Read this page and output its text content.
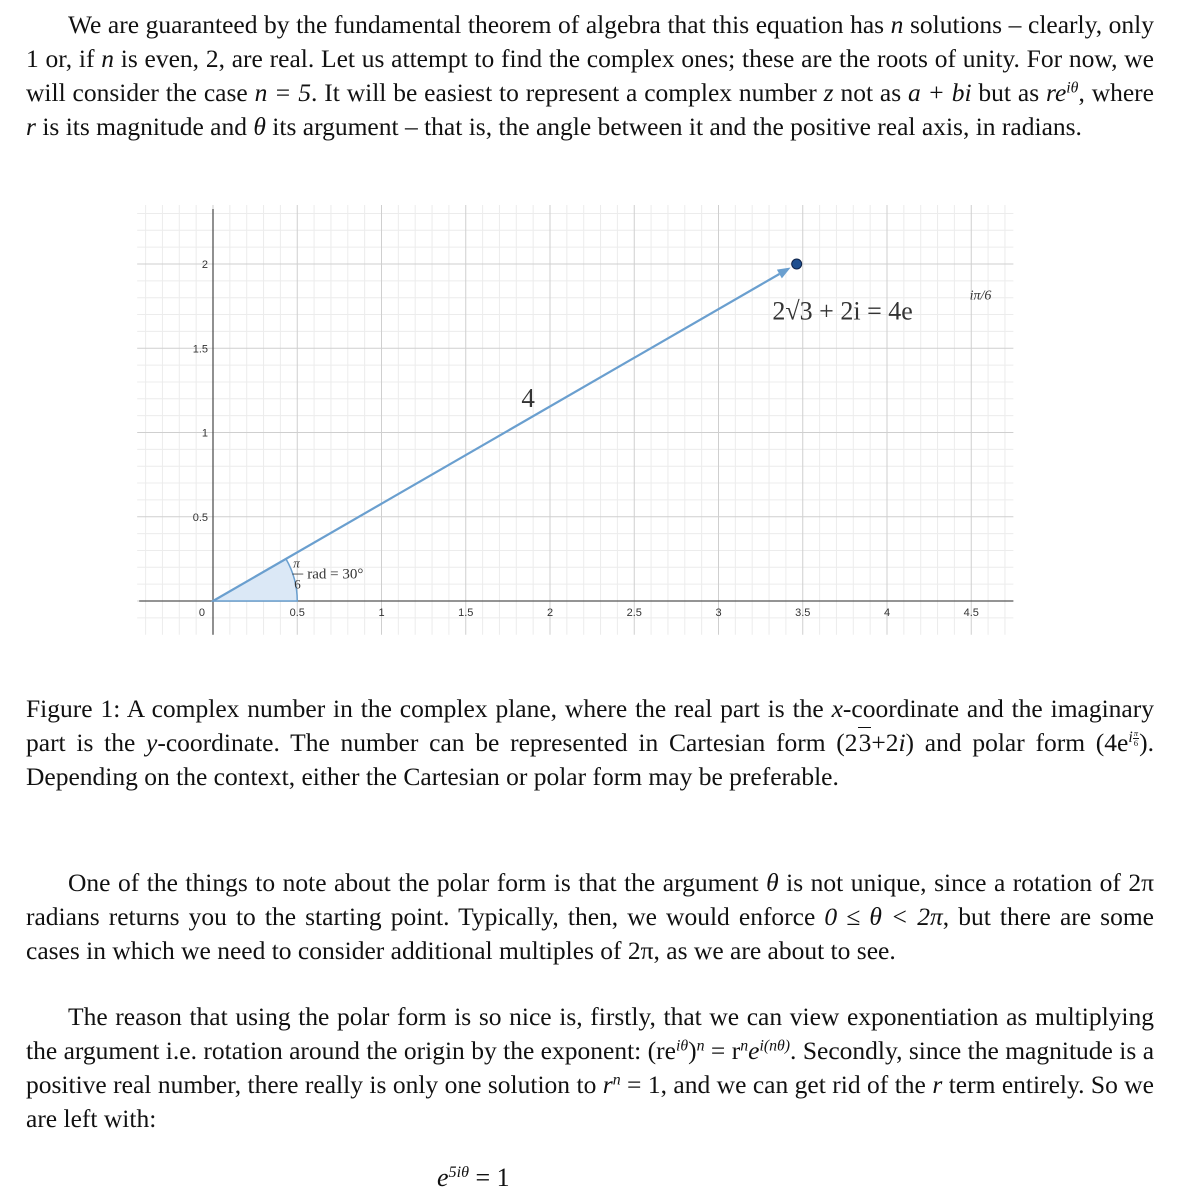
We are guaranteed by the fundamental theorem of algebra that this equation has n solutions – clearly, only 1 or, if n is even, 2, are real. Let us attempt to find the complex ones; these are the roots of unity. For now, we will consider the case n = 5. It will be easiest to represent a complex number z not as a + bi but as $re^{i\theta}$, where r is its magnitude and θ its argument – that is, the angle between it and the positive real axis, in radians.

0.5	1	1.5	2	2.5	3	3.5	4	4.5
0.5
1
1.5
2
0
4
2√3 + 2i = 4e
iπ/6
π
6
rad = 30°

Figure 1: A complex number in the complex plane, where the real part is the x-coordinate and the imaginary part is the y-coordinate. The number can be represented in Cartesian form (23+2i) and polar form ($4e^{i \frac{\pi}{6}}$ ). Depending on the context, either the Cartesian or polar form may be preferable.

One of the things to note about the polar form is that the argument θ is not unique, since a rotation of 2π radians returns you to the starting point. Typically, then, we would enforce 0 ≤ θ < 2π, but there are some cases in which we need to consider additional multiples of 2π, as we are about to see.

The reason that using the polar form is so nice is, firstly, that we can view exponentiation as multiplying the argument i.e. rotation around the origin by the exponent: $(re^{i\theta})^n = r^ne^{i(n\theta)}$. Secondly, since the magnitude is a positive real number, there really is only one solution to $r^n = 1$, and we can get rid of the r term entirely. So we are left with:

$e^{5i\theta} = 1$
